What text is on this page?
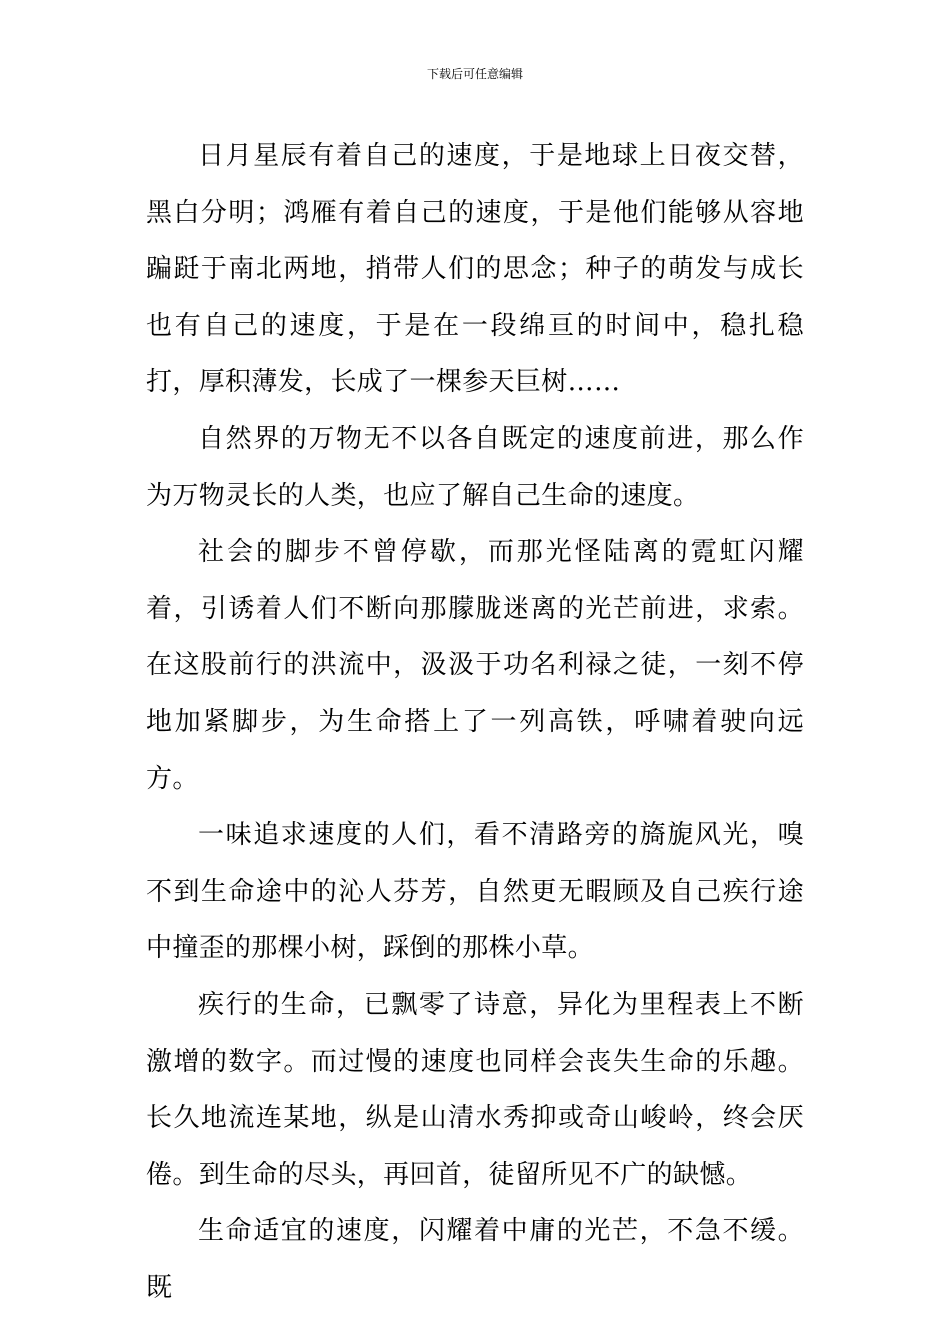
下载后可任意编辑

日月星辰有着自己的速度，于是地球上日夜交替，黑白分明；鸿雁有着自己的速度，于是他们能够从容地蹁跹于南北两地，捎带人们的思念；种子的萌发与成长也有自己的速度，于是在一段绵亘的时间中，稳扎稳打，厚积薄发，长成了一棵参天巨树……

自然界的万物无不以各自既定的速度前进，那么作为万物灵长的人类，也应了解自己生命的速度。

社会的脚步不曾停歇，而那光怪陆离的霓虹闪耀着，引诱着人们不断向那朦胧迷离的光芒前进，求索。在这股前行的洪流中，汲汲于功名利禄之徒，一刻不停地加紧脚步，为生命搭上了一列高铁，呼啸着驶向远方。

一味追求速度的人们，看不清路旁的旖旎风光，嗅不到生命途中的沁人芬芳，自然更无暇顾及自己疾行途中撞歪的那棵小树，踩倒的那株小草。

疾行的生命，已飘零了诗意，异化为里程表上不断激增的数字。而过慢的速度也同样会丧失生命的乐趣。长久地流连某地，纵是山清水秀抑或奇山峻岭，终会厌倦。到生命的尽头，再回首，徒留所见不广的缺憾。

生命适宜的速度，闪耀着中庸的光芒，不急不缓。既
